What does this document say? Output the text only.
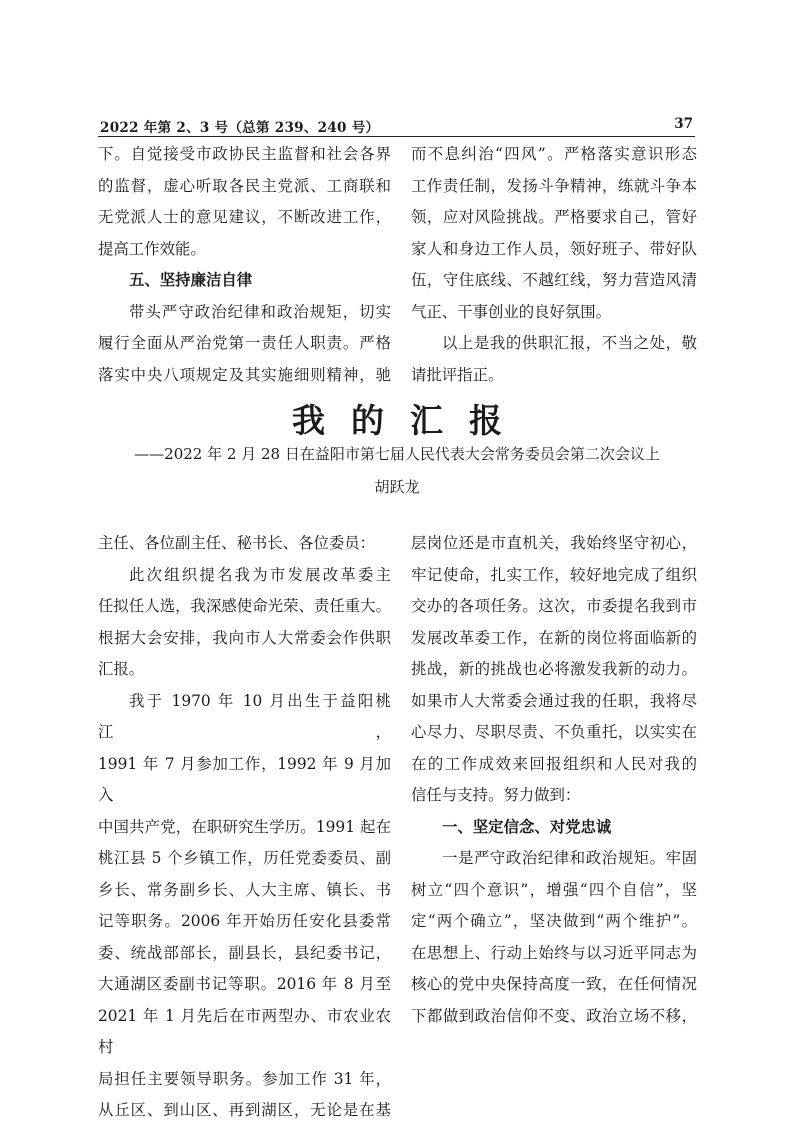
2022 年第 2、3 号（总第 239、240 号）	37

下。自觉接受市政协民主监督和社会各界

的监督，虚心听取各民主党派、工商联和

无党派人士的意见建议，不断改进工作，

提高工作效能。

五、坚持廉洁自律

带头严守政治纪律和政治规矩，切实

履行全面从严治党第一责任人职责。严格

落实中央八项规定及其实施细则精神，驰

而不息纠治“四风”。严格落实意识形态

工作责任制，发扬斗争精神，练就斗争本

领，应对风险挑战。严格要求自己，管好

家人和身边工作人员，领好班子、带好队

伍，守住底线、不越红线，努力营造风清

气正、干事创业的良好氛围。

以上是我的供职汇报，不当之处，敬

请批评指正。

我的汇报
——2022 年 2 月 28 日在益阳市第七届人民代表大会常务委员会第二次会议上
胡跃龙

主任、各位副主任、秘书长、各位委员：

此次组织提名我为市发展改革委主

任拟任人选，我深感使命光荣、责任重大。

根据大会安排，我向市人大常委会作供职

汇报。

我于 1970 年 10 月出生于益阳桃江，

1991 年 7 月参加工作，1992 年 9 月加入

中国共产党，在职研究生学历。1991 起在

桃江县 5 个乡镇工作，历任党委委员、副

乡长、常务副乡长、人大主席、镇长、书

记等职务。2006 年开始历任安化县委常

委、统战部部长，副县长，县纪委书记，

大通湖区委副书记等职。2016 年 8 月至

2021 年 1 月先后在市两型办、市农业农村

局担任主要领导职务。参加工作 31 年，

从丘区、到山区、再到湖区，无论是在基

层岗位还是市直机关，我始终坚守初心，

牢记使命，扎实工作，较好地完成了组织

交办的各项任务。这次，市委提名我到市

发展改革委工作，在新的岗位将面临新的

挑战，新的挑战也必将激发我新的动力。

如果市人大常委会通过我的任职，我将尽

心尽力、尽职尽责、不负重托，以实实在

在的工作成效来回报组织和人民对我的

信任与支持。努力做到：

一、坚定信念、对党忠诚

一是严守政治纪律和政治规矩。牢固

树立“四个意识”，增强“四个自信”，坚

定“两个确立”，坚决做到“两个维护”。

在思想上、行动上始终与以习近平同志为

核心的党中央保持高度一致，在任何情况

下都做到政治信仰不变、政治立场不移，
